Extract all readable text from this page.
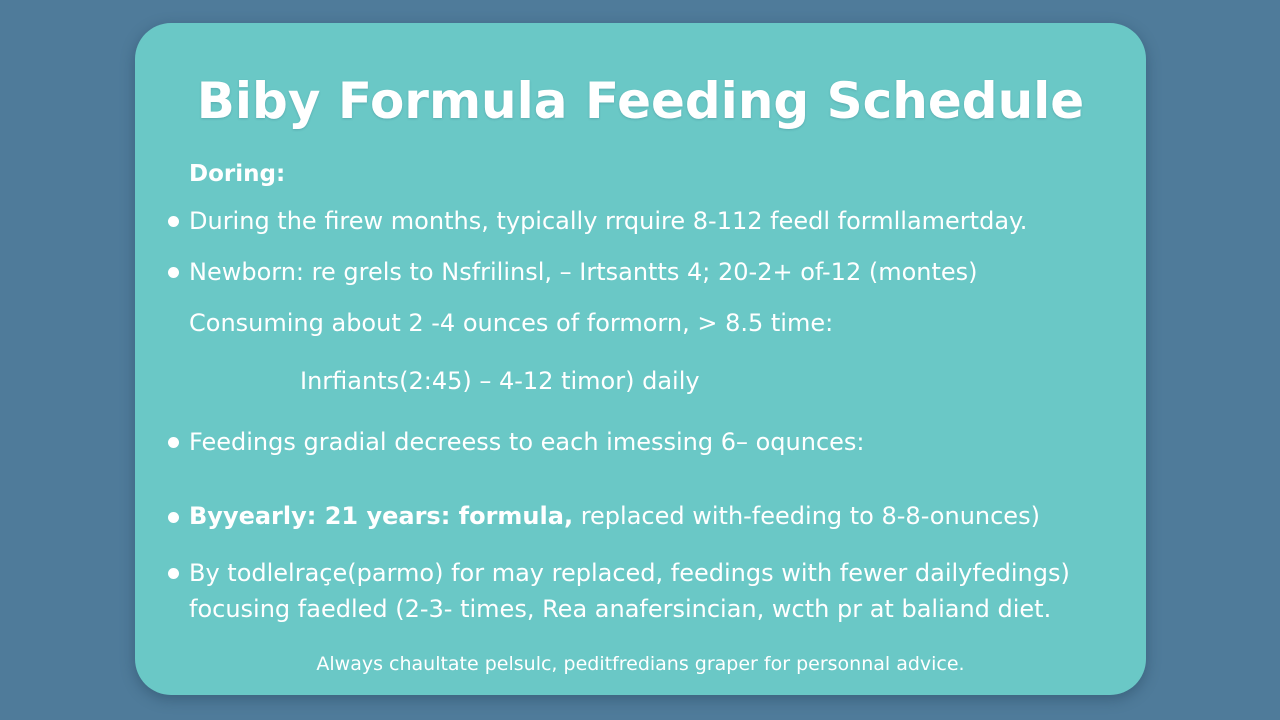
Biby Formula Feeding Schedule
Doring:
During the firew months, typically rrquire 8-112 feedl formllamertday.
Newborn: re grels to Nsfrilinsl, – Irtsantts 4; 20-2+ of-12 (montes)
Consuming about 2 -4 ounces of formorn, > 8.5 time:
Inrfiants(2:45) – 4-12 timor) daily
Feedings gradial decreess to each imessing 6– oqunces:
Byyearly: 21 years: formula, replaced with-feeding to 8-8-onunces)
By todlelraçe(parmo) for may replaced, feedings with fewer dailyfedings)
focusing faedled (2-3- times, Rea anafersincian, wcth pr at baliand diet.
Always chaultate pelsulc, peditfredians graper for personnal advice.
